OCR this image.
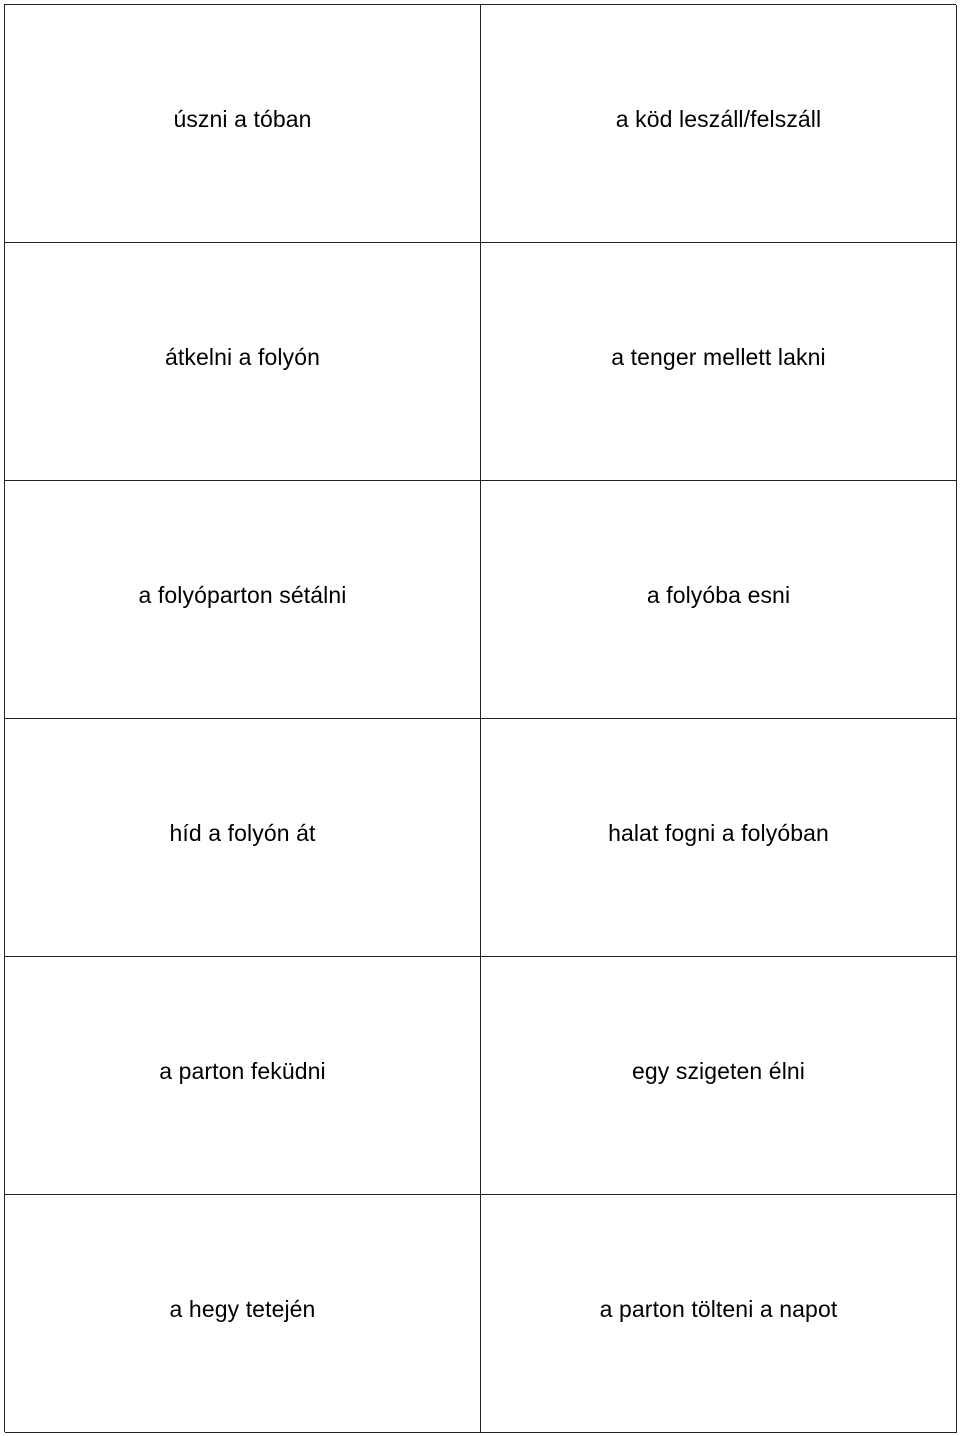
úszni a tóban	a köd leszáll/felszáll
átkelni a folyón	a tenger mellett lakni
a folyóparton sétálni	a folyóba esni
híd a folyón át	halat fogni a folyóban
a parton feküdni	egy szigeten élni
a hegy tetején	a parton tölteni a napot
